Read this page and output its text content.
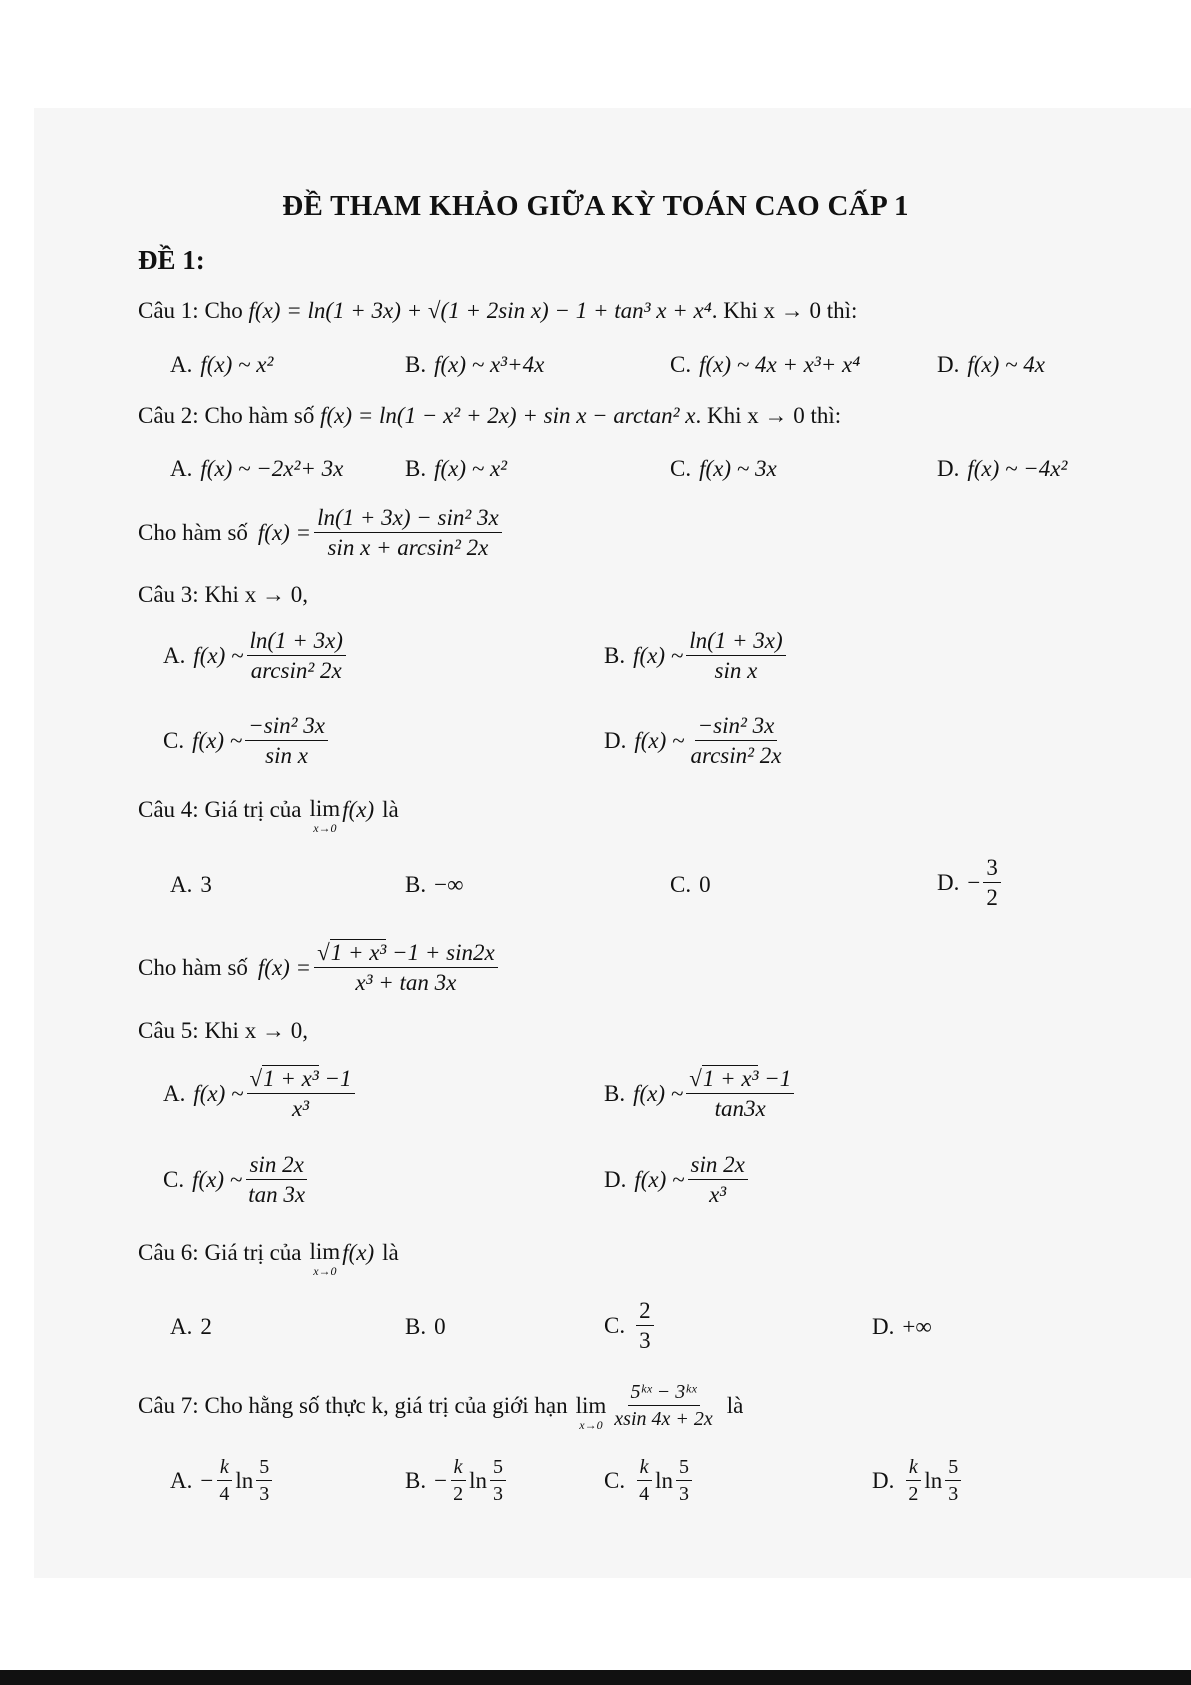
ĐỀ THAM KHẢO GIỮA KỲ TOÁN CAO CẤP 1
ĐỀ 1:
Câu 1: Cho f(x) = ln(1 + 3x) + √(1 + 2sin x) − 1 + tan³ x + x⁴. Khi x → 0 thì:
A. f(x) ~ x²	B. f(x) ~ x³+4x	C. f(x) ~ 4x + x³+ x⁴	D. f(x) ~ 4x
Câu 2: Cho hàm số f(x) = ln(1 − x² + 2x) + sin x − arctan² x. Khi x → 0 thì:
A. f(x) ~ −2x²+ 3x	B. f(x) ~ x²	C. f(x) ~ 3x	D. f(x) ~ −4x²
Cho hàm số $f(x) = \frac{\text{ln(1 + 3x) − sin² 3x}}{\text{sin x + arcsin² 2x}}$
Câu 3: Khi x → 0,
A. f(x) ~ $\frac{\ln(1 + 3x)}{\text{arcsin² 2x}}$	B. f(x) ~ $\frac{\ln(1 + 3x)}{\text{sin x}}$
C. f(x) ~ $\frac{\text{−sin² 3x}}{\text{sin x}}$	D. f(x) ~ $\frac{\text{−sin² 3x}}{\text{arcsin² 2x}}$
Câu 4: Giá trị của lim
x→0
f(x) là
A. 3	B. −∞	C. 0	D. − $\frac{3}{2}$
Cho hàm số $f(x) = \frac{\text{√1 + x³ −1 + sin2x}}{\text{x³ + tan 3x}}$
Câu 5: Khi x → 0,
A. f(x) ~ $\frac{\text{√1 + x³ −1}}{\text{x³}}$	B. f(x) ~ $\frac{\text{√1 + x³ −1}}{\tan 3x}$
C. f(x) ~ $\frac{\sin 2x}{\tan 3x}$	D. f(x) ~ $\frac{\sin 2x}{\text{x³}}$
Câu 6: Giá trị của lim
x→0
f(x) là
A. 2	B. 0	C. $\frac{2}{3}$	D. +∞
Câu 7: Cho hằng số thực k, giá trị của giới hạn lim
$x\to 0 \frac{\text{5ᵏˣ − 3ᵏˣ}}{xsin 4x + 2x}$ là
A. − $\frac{k}{4}$ $\ln \frac{5}{3}$	B. − $\frac{k}{2}$ $\ln \frac{5}{3}$	C. $\frac{k}{4}$ $\ln \frac{5}{3}$	D. $\frac{k}{2}$ $\ln \frac{5}{3}$
